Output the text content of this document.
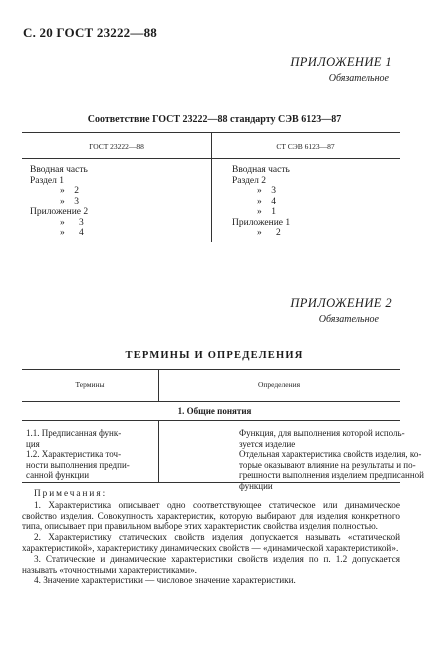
С. 20 ГОСТ 23222—88
ПРИЛОЖЕНИЕ 1
Обязательное
Соответствие ГОСТ 23222—88 стандарту СЭВ 6123—87
ГОСТ 23222—88	СТ СЭВ 6123—87
Вводная часть
Раздел 1
»    2
»    3
Приложение 2
»      3
»      4
Вводная часть
Раздел 2
»    3
»    4
»    1
Приложение 1
»      2
ПРИЛОЖЕНИЕ 2
Обязательное
ТЕРМИНЫ И ОПРЕДЕЛЕНИЯ
Термины	Определения
1. Общие понятия
1.1. Предписанная функ-
ция
Функция, для выполнения которой исполь-
зуется изделие
1.2. Характеристика точ-
ности выполнения предпи-
санной функции
Отдельная характеристика свойств изделия, ко-
торые оказывают влияние на результаты и по-
грешности выполнения изделием предписанной
функции

Примечания:

1. Характеристика описывает одно соответствующее статическое или динамическое свойство изделия. Совокупность характеристик, которую выбирают для изделия конкретного типа, описывает при правильном выборе этих характеристик свойства изделия полностью.

2. Характеристику статических свойств изделия допускается называть «статической характеристикой», характеристику динамических свойств — «динамической характеристикой».

3. Статические и динамические характеристики свойств изделия по п. 1.2 допускается называть «точностными характеристиками».

4. Значение характеристики — числовое значение характеристики.
